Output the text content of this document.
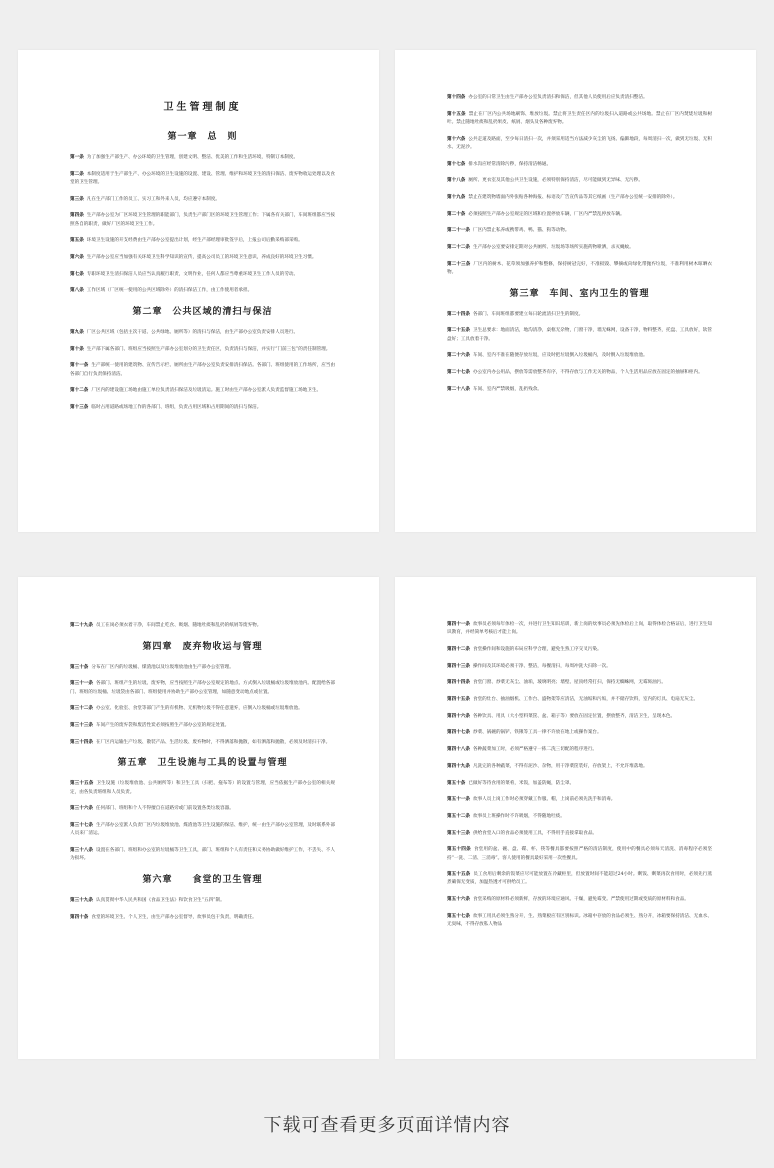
卫生管理制度
第一章　总　则

第一条 为了加强生产部生产、办公环境的卫生管理，创建文明、整洁、优美的工作和生活环境，特制订本制度。

第二条 本制度适用于生产部生产、办公环境的卫生设施的设置、建设、管理、维护和环境卫生的清扫保洁、废弃物收运处理以及食堂的卫生管理。

第三条 凡在生产部门工作的员工、实习工和外来人员，均应遵守本制度。

第四条 生产部办公室为厂区环境卫生管理的职能部门，负责生产部门区的环境卫生管理工作；下属各有关部门，车间班组都应当按照各自的职责，做好厂区的环境卫生工作。

第五条 环境卫生设施的开支经费由生产部办公室提出计划，经生产部经理审批签字后，上报公司后勤采购部采购。

第六条 生产部办公室应当加强有关环境卫生科学知识的宣传，提高公司员工的环境卫生意识，养成良好的环境卫生习惯。

第七条 专职环境卫生清扫保洁人员应当认真履行职责，文明作业，任何人都应当尊重环境卫生工作人员的劳动。

第八条 工作区域（厂区统一使用的公共区域除外）的清扫保洁工作，由工作使用者承担。

第二章　公共区域的清扫与保洁

第九条 厂区公共区域（包括主次干道、公共绿地、厕所等）的清扫与保洁，由生产部办公室负责安排人员进行。

第十条 生产部下属各部门、班组应当按照生产部办公室划分的卫生责任区，负责清扫与保洁，并实行“门前三包”的责任制管理。

第十一条 生产部统一使用的建筑物、宣传告示栏、厕所由生产部办公室负责安排清扫保洁。各部门、班组使用的工作场所，应当由各部门自行负责保持清洁。

第十二条 厂区内的建设施工场地由施工单位负责清扫保洁及垃圾清运。施工时由生产部办公室派人负责监督施工场地卫生。

第十三条 临时占用道路或场地工作的各部门、班组，负责占用区域和占用期间的清扫与保洁。

第十四条 办公室的日常卫生由生产部办公室负责清扫和保洁，但其他人员使用后应负责清扫整洁。

第十五条 禁止在厂区内公共场地刷饰、堆放垃圾。禁止将卫生责任区内的垃圾扫入道路或公共场地。禁止在厂区内焚烧垃圾和树叶。禁止随地吐痰和乱扔果皮、纸屑、烟头及各种废弃物。

第十六条 公共走道及路面，至少每日清扫一次，并须采用适当方法减少灰尘的飞扬。偏僻地段，每周清扫一次，做到无垃圾、无积水、无泥沙。

第十七条 排水沟应经常清除污秽，保持清洁畅通。

第十八条 厕所、更衣室及其他公共卫生设施，必须特别保持清洁，尽可能做到无异味、无污秽。

第十九条 禁止在建筑物墙面内外张贴各种海报、标语及广告宣传品等其它纸画（生产部办公室统一安排的除外）。

第二十条 必须按照生产部办公室规定的区域和位置停放车辆，厂区内严禁乱停放车辆。

第二十一条 厂区内禁止私养或携带鸡、鸭、猫、狗等动物。

第二十二条 生产部办公室要安排定期对公共厕所、垃圾场等场所实施药物喷洒，杀灭蝇蚊。

第二十三条 厂区内的树木、花草须加强养护和整修，保持树冠完好，不准损毁、攀摘或向绿化带抛弃垃圾，不准利用树木晾晒衣物。

第三章　车间、室内卫生的管理

第二十四条 各部门、车间班组都要建立每日轮流清扫卫生的制度。

第二十五条 卫生总要求：地面清洁，地沟清净，桌框无杂物，门窗干净，墙无蛛网，设备干净，物料整齐，托盘、工具放好，软管盘好；工具放着干净。

第二十六条 车间、室内不准在随便存放垃圾，应及时把垃圾倒入垃圾桶内，及时倒入垃圾堆放池。

第二十七条 办公室内办公用品，摆放等需放整齐有序，不得存放与工作无关的物品，个人生活用品应放在固定的抽屉和柜内。

第二十八条 车间、室内严禁吸烟，乱扔残余。

第二十九条 员工在岗必须衣着干净，车间禁止吃食、吸烟、随地吐痰和乱扔的纸屑等废弃物。

第四章　废弃物收运与管理

第三十条 分布在厂区内的垃圾桶、煤渣池以及垃圾堆放池由生产部办公室管理。

第三十一条 各部门、班组产生的垃圾、废弃物，应当按照生产部办公室规定的地点、方式倒入垃圾桶或垃圾堆放池内。配置给各部门、班组的垃圾桶、垃圾袋由各部门、班组使用并协助生产部办公室管理，如随意变动地点或位置。

第三十二条 办公室、化验室、食堂等部门产生的有机物、无机物垃圾不得任意遗弃，应倒入垃圾桶或垃圾堆放池。

第三十三条 车间产生的废弃袋和废活性炭必须按照生产部办公室的规定处置。

第三十四条 在厂区内运输生产垃圾、散装产品、生活垃圾、废弃物时，不得洒落和抛散，如有洒落和抛散，必须及时清扫干净。

第五章　卫生设施与工具的设置与管理

第三十五条 卫生设施（垃圾堆放池、公共厕所等）和卫生工具（扫把、拖布等）的设置与管理，应当依据生产部办公室的相关规定，由各负责班组和人员负责。

第三十六条 任何部门、班组和个人不得擅自在道路旁或门前设置各类垃圾容器。

第三十七条 生产部办公室派人负责厂区内垃圾堆放池、煤渣池等卫生设施的保洁、维护，统一由生产部办公室管理，及时联系外部人员来厂清运。

第三十八条 设置在各部门、班组和办公室的垃圾桶等卫生工具，部门、班组和个人有责任和义务协助做好维护工作，不丢失、不人为损坏。

第六章　　食堂的卫生管理

第三十九条 认真贯彻中华人民共和国《食品卫生法》和饮食卫生“五四”制。

第四十条 食堂的环境卫生、个人卫生，由生产部办公室督导，炊事员包干负责，明确责任。

第四十一条 炊事员必须每年体检一次，并进行卫生知识培训，新上岗的炊事员必须先体检后上岗，取得体检合格证后，进行卫生知识教育，并经简单考核后才能上岗。

第四十二条 食堂操作间和设施的布局应科学合理，避免生熟工序交叉污染。

第四十三条 操作间及其环境必须干净、整洁，每餐清扫，每周冲洗大扫除一次。

第四十四条 食堂门窗、炒菜无灰尘、油垢，玻璃明亮；墙壁、屋顶经常打扫，保持无蜘蛛网，无霉斑油污。

第四十五条 食堂的灶台、抽油烟机、工作台、盛物架等应清洁，无油垢和污垢，并不储存饮料，室内的灯具、电扇无灰尘。

第四十六条 各种饮具、用具（大小型料菜筐、盆、箱子等）要放在固定位置，摆放整齐，清洁卫生，呈现本色。

第四十七条 炒菜、锅碗的锅铲、铁锹等工具一律不许放在地上或操作案台。

第四十八条 各种蔬菜加工时，必须严格遵守一拣二洗三切配的程序进行。

第四十九条 凡洗完的各种蔬菜，不得有泥沙、杂物，用干净菜筐装好，存放架上，不允许堆落地。

第五十条 已做好等待食用的菜肴，米饭，加盖防蝇，防尘罩。

第五十一条 炊事人员上岗工作时必须穿戴工作服、帽，上岗前必须先洗手和消毒。

第五十二条 炊事员上班操作时不许吸烟，不得随地吐痰。

第五十三条 供给食堂入口的食品必须使用工具，不得用手直接拿取食品。

第五十四条 食堂用的盆、碗、盘、碟、杯、筷等餐具都要按照严格的清洁制度，使用中的餐具必须每天清洗、消毒程序必须坚持“一洗、二清、三消毒”。客人使用的餐具最好采用一次性餐具。

第五十五条 员工食用后剩余的饭菜应尽可能放置在冷藏柜里，但放置时间不能超过24小时。剩饭、剩菜再次食用时，必须先行蒸煮确保无变质，加温热透才可供给员工。

第五十六条 食堂采购的原材料必须新鲜，存放的环境应通风、干燥，避免霉变。严禁使用过期或变质的原材料和食品。

第五十七条 炊事工用具必须生熟分开，生、熟菜板应有区别标识。冰箱中存放的食品必须生、熟分开，冰箱要保持清洁、无血水、无臭味，不得存放私人物品

下载可查看更多页面详情内容
